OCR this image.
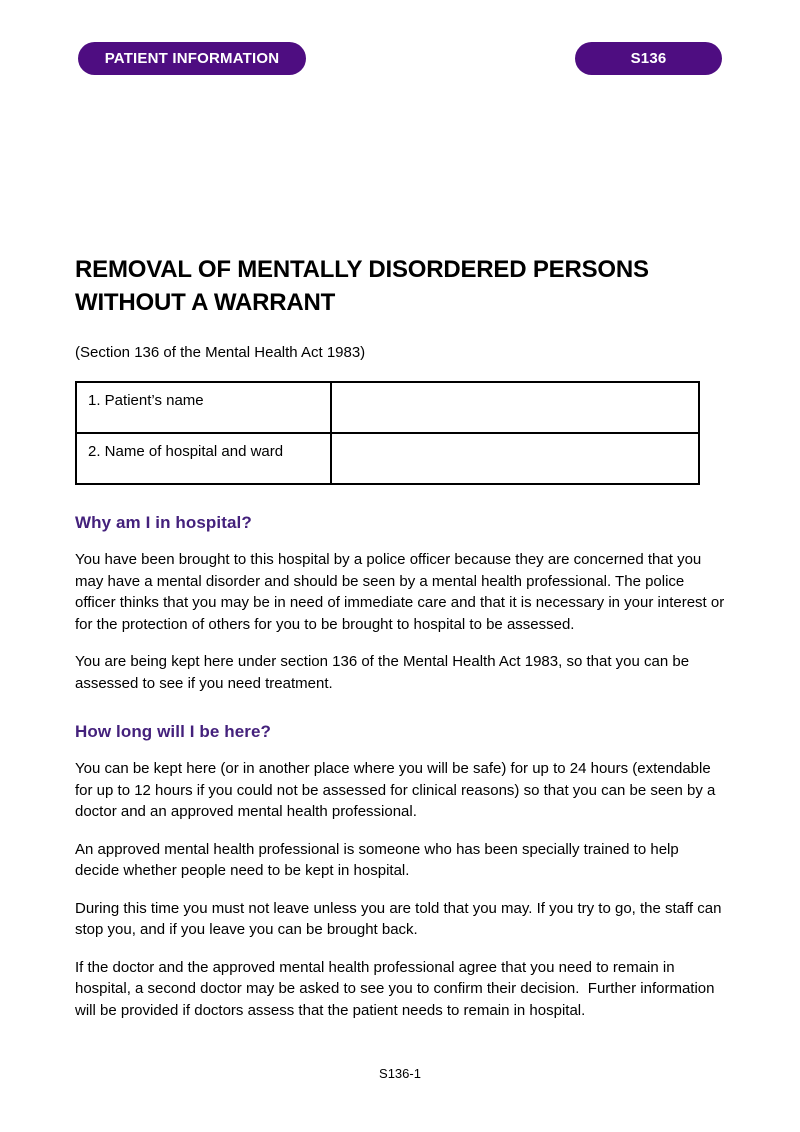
PATIENT INFORMATION	S136
REMOVAL OF MENTALLY DISORDERED PERSONS
WITHOUT A WARRANT
(Section 136 of the Mental Health Act 1983)
1. Patient’s name	
2. Name of hospital and ward	
Why am I in hospital?
You have been brought to this hospital by a police officer because they are concerned that you may have a mental disorder and should be seen by a mental health professional. The police officer thinks that you may be in need of immediate care and that it is necessary in your interest or for the protection of others for you to be brought to hospital to be assessed.
You are being kept here under section 136 of the Mental Health Act 1983, so that you can be assessed to see if you need treatment.
How long will I be here?
You can be kept here (or in another place where you will be safe) for up to 24 hours (extendable for up to 12 hours if you could not be assessed for clinical reasons) so that you can be seen by a doctor and an approved mental health professional.
An approved mental health professional is someone who has been specially trained to help decide whether people need to be kept in hospital.
During this time you must not leave unless you are told that you may. If you try to go, the staff can stop you, and if you leave you can be brought back.
If the doctor and the approved mental health professional agree that you need to remain in hospital, a second doctor may be asked to see you to confirm their decision.  Further information will be provided if doctors assess that the patient needs to remain in hospital.
S136-1
